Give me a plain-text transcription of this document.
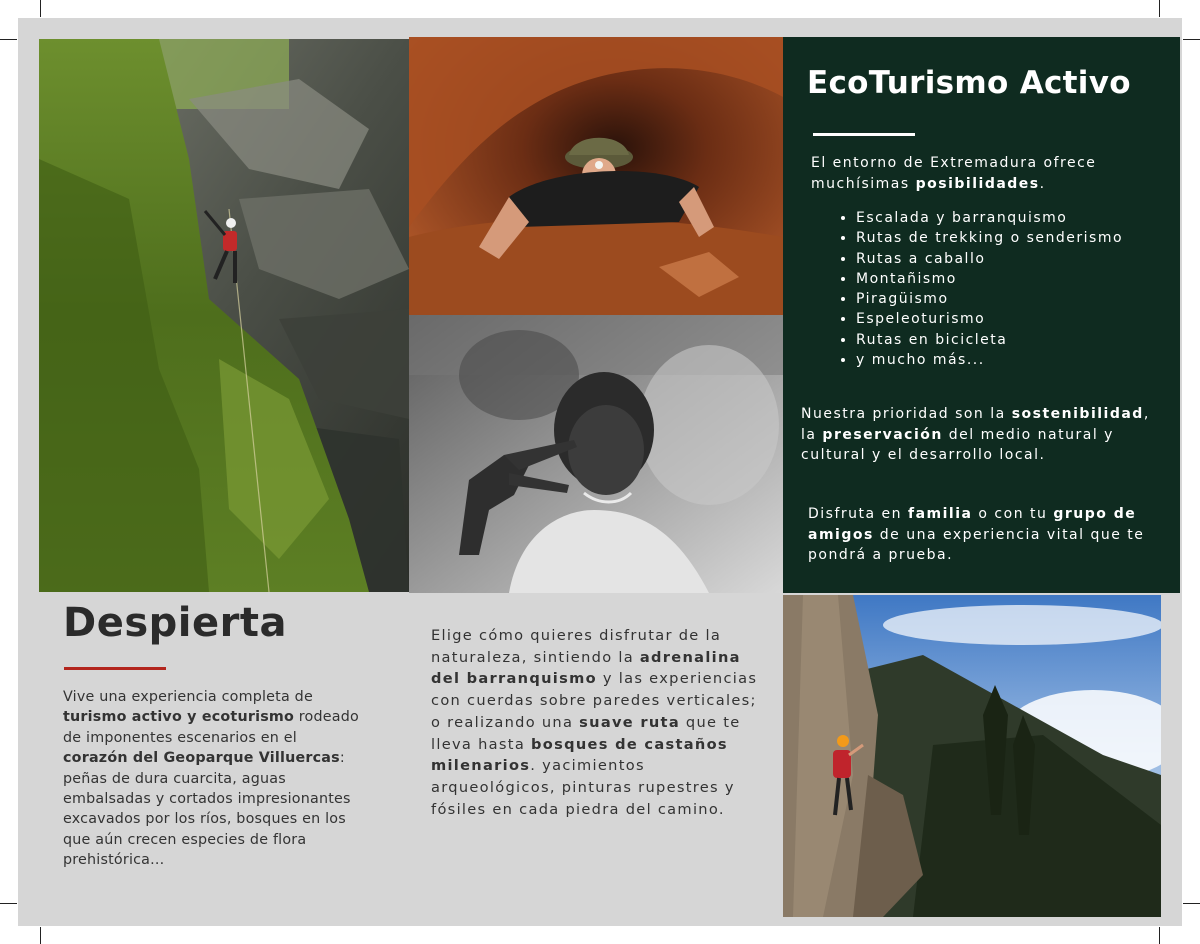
EcoTurismo Activo

El entorno de Extremadura ofrece muchísimas posibilidades.

• Escalada y barranquismo
• Rutas de trekking o senderismo
• Rutas a caballo
• Montañismo
• Piragüismo
• Espeleoturismo
• Rutas en bicicleta
• y mucho más...

Nuestra prioridad son la sostenibilidad, la preservación del medio natural y cultural y el desarrollo local.

Disfruta en familia o con tu grupo de amigos de una experiencia vital que te pondrá a prueba.

Despierta

Vive una experiencia completa de turismo activo y ecoturismo rodeado de imponentes escenarios en el corazón del Geoparque Villuercas: peñas de dura cuarcita, aguas embalsadas y cortados impresionantes excavados por los ríos, bosques en los que aún crecen especies de flora prehistórica...

Elige cómo quieres disfrutar de la naturaleza, sintiendo la adrenalina del barranquismo y las experiencias con cuerdas sobre paredes verticales; o realizando una suave ruta que te lleva hasta bosques de castaños milenarios. yacimientos arqueológicos, pinturas rupestres y fósiles en cada piedra del camino.
